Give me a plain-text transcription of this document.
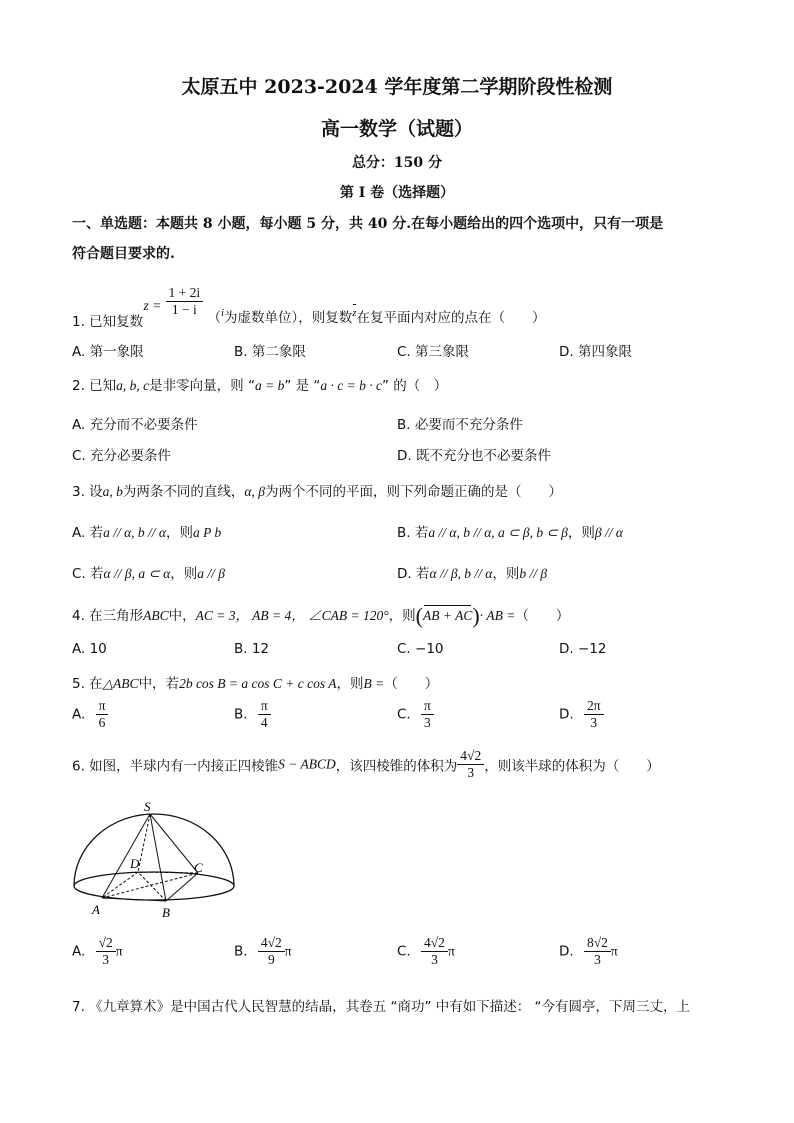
太原五中 2023-2024 学年度第二学期阶段性检测
高一数学（试题）
总分：150 分
第 I 卷（选择题）
一、单选题：本题共 8 小题，每小题 5 分，共 40 分.在每小题给出的四个选项中，只有一项是
符合题目要求的.
1. 已知复数 $z = \frac{1 + 2i}{1 - i} (_i$为虚数单位），则复数z在复平面内对应的点在（　　）
A. 第一象限	B. 第二象限	C. 第三象限	D. 第四象限
2. 已知a, b, c是非零向量，则 “a = b” 是 “a · c = b · c” 的（　）
A. 充分而不必要条件	B. 必要而不充分条件
C. 充分必要条件	D. 既不充分也不必要条件
3. 设a, b为两条不同的直线，α, β为两个不同的平面，则下列命题正确的是（　　）
A. 若a // α, b // α，则a P b	B. 若a // α, b // α, a ⊂ β, b ⊂ β，则β // α
C. 若α // β, a ⊂ α，则a // β	D. 若α // β, b // α，则b // β
4. 在三角形ABC中，AC = 3， AB = 4， ∠CAB = 120°，则(AB + AC)· AB =（　　）
A. 10	B. 12	C. −10	D. −12
5. 在△ABC中，若2b cos B = a cos C + c cos A，则B =（　　）
A. $\frac{\pi}{6}$	B. $\frac{\pi}{4}$	C. $\frac{\pi}{3}$	D. $\frac{2\pi}{3}$
6. 如图，半球内有一内接正四棱锥S − ABCD，该四棱锥的体积为 $\frac{4√2}{3}$ ，则该半球的体积为（　　）
S
D	C
A	B
A. $\frac{√2}{3}$ π	B. $\frac{4√2}{9}$ π	C. $\frac{4√2}{3}$ π	D. $\frac{8√2}{3}$ π
7. 《九章算术》是中国古代人民智慧的结晶，其卷五 “商功” 中有如下描述： “今有圆亭，下周三丈，上
